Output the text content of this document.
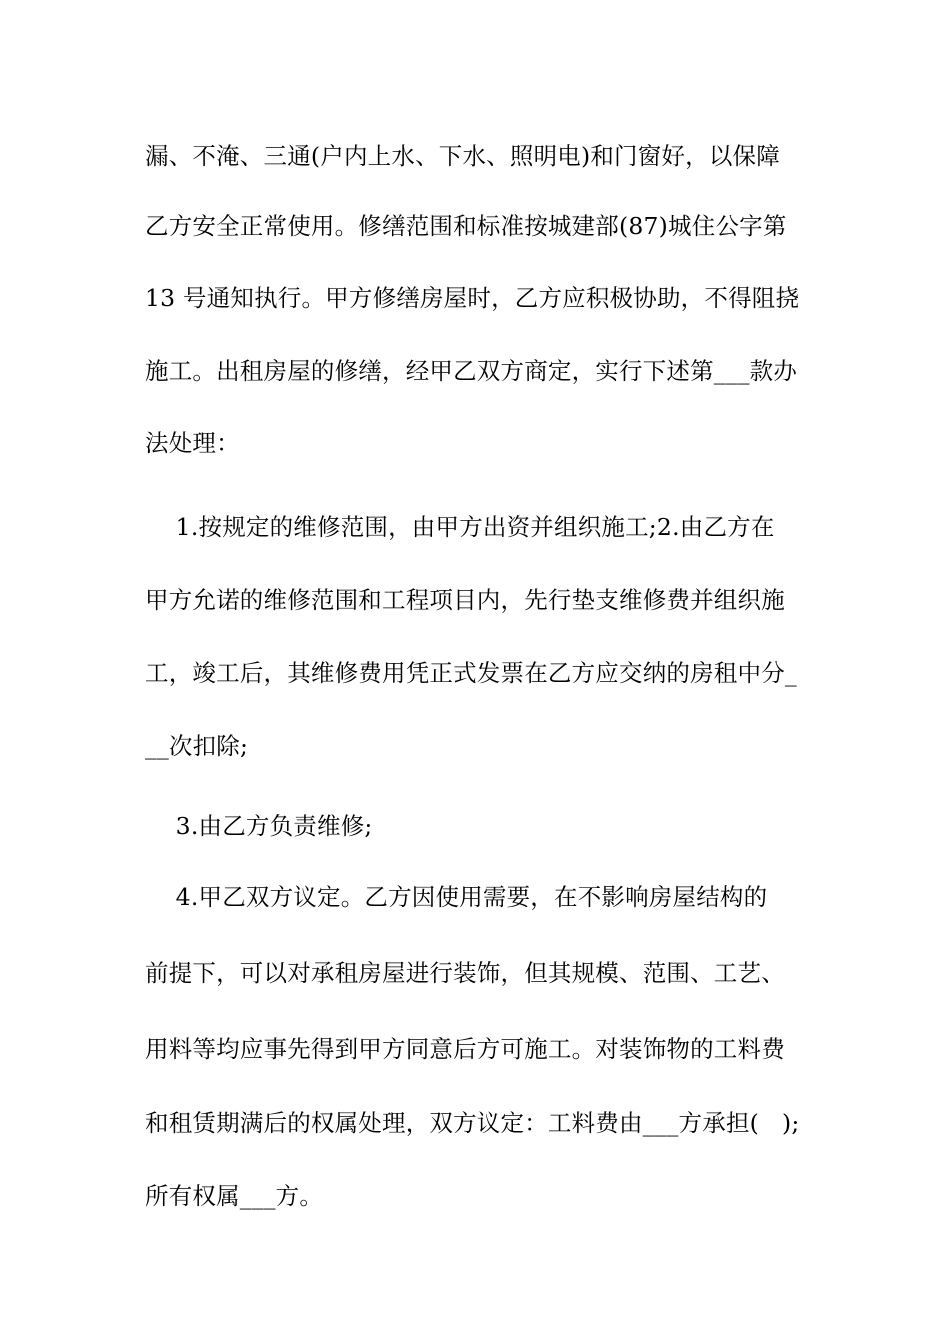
漏、不淹、三通(户内上水、下水、照明电)和门窗好，以保障
乙方安全正常使用。修缮范围和标准按城建部(87)城住公字第
13 号通知执行。甲方修缮房屋时，乙方应积极协助，不得阻挠
施工。出租房屋的修缮，经甲乙双方商定，实行下述第___款办
法处理：
1.按规定的维修范围，由甲方出资并组织施工;2.由乙方在
甲方允诺的维修范围和工程项目内，先行垫支维修费并组织施
工，竣工后，其维修费用凭正式发票在乙方应交纳的房租中分_
__次扣除;
3.由乙方负责维修;
4.甲乙双方议定。乙方因使用需要，在不影响房屋结构的
前提下，可以对承租房屋进行装饰，但其规模、范围、工艺、
用料等均应事先得到甲方同意后方可施工。对装饰物的工料费
和租赁期满后的权属处理，双方议定：工料费由___方承担(   );
所有权属___方。
